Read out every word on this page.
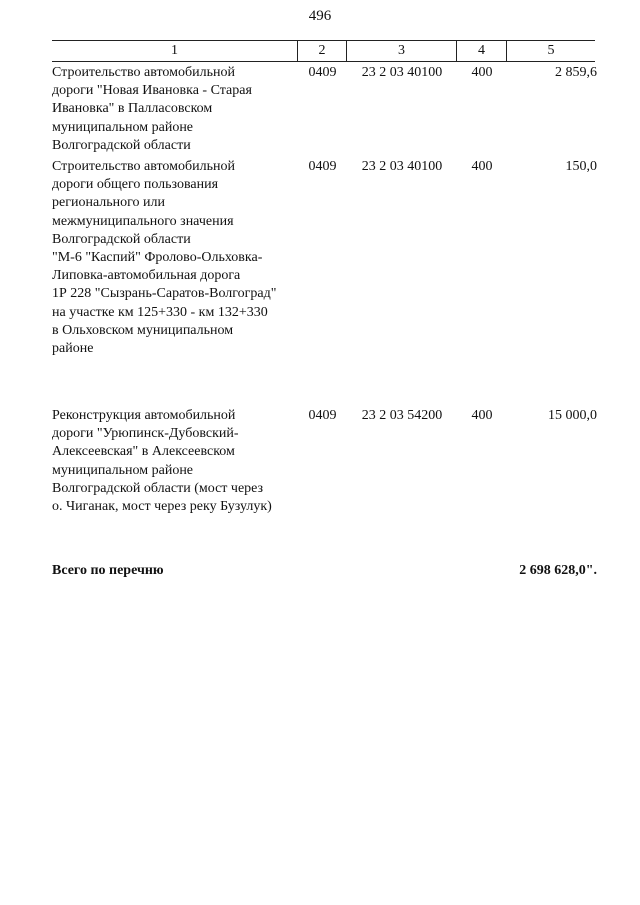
496
1	2	3	4	5
Строительство автомобильной
дороги "Новая Ивановка - Старая
Ивановка" в Палласовском
муниципальном районе
Волгоградской области
0409	23 2 03 40100	400	2 859,6
Строительство автомобильной
дороги общего пользования
регионального или
межмуниципального значения
Волгоградской области
"М-6 "Каспий" Фролово-Ольховка-
Липовка-автомобильная дорога
1Р 228 "Сызрань-Саратов-Волгоград"
на участке км 125+330 - км 132+330
в Ольховском муниципальном
районе
0409	23 2 03 40100	400	150,0
Реконструкция автомобильной
дороги "Урюпинск-Дубовский-
Алексеевская" в Алексеевском
муниципальном районе
Волгоградской области (мост через
о. Чиганак, мост через реку Бузулук)
0409	23 2 03 54200	400	15 000,0
Всего по перечню	2 698 628,0".
